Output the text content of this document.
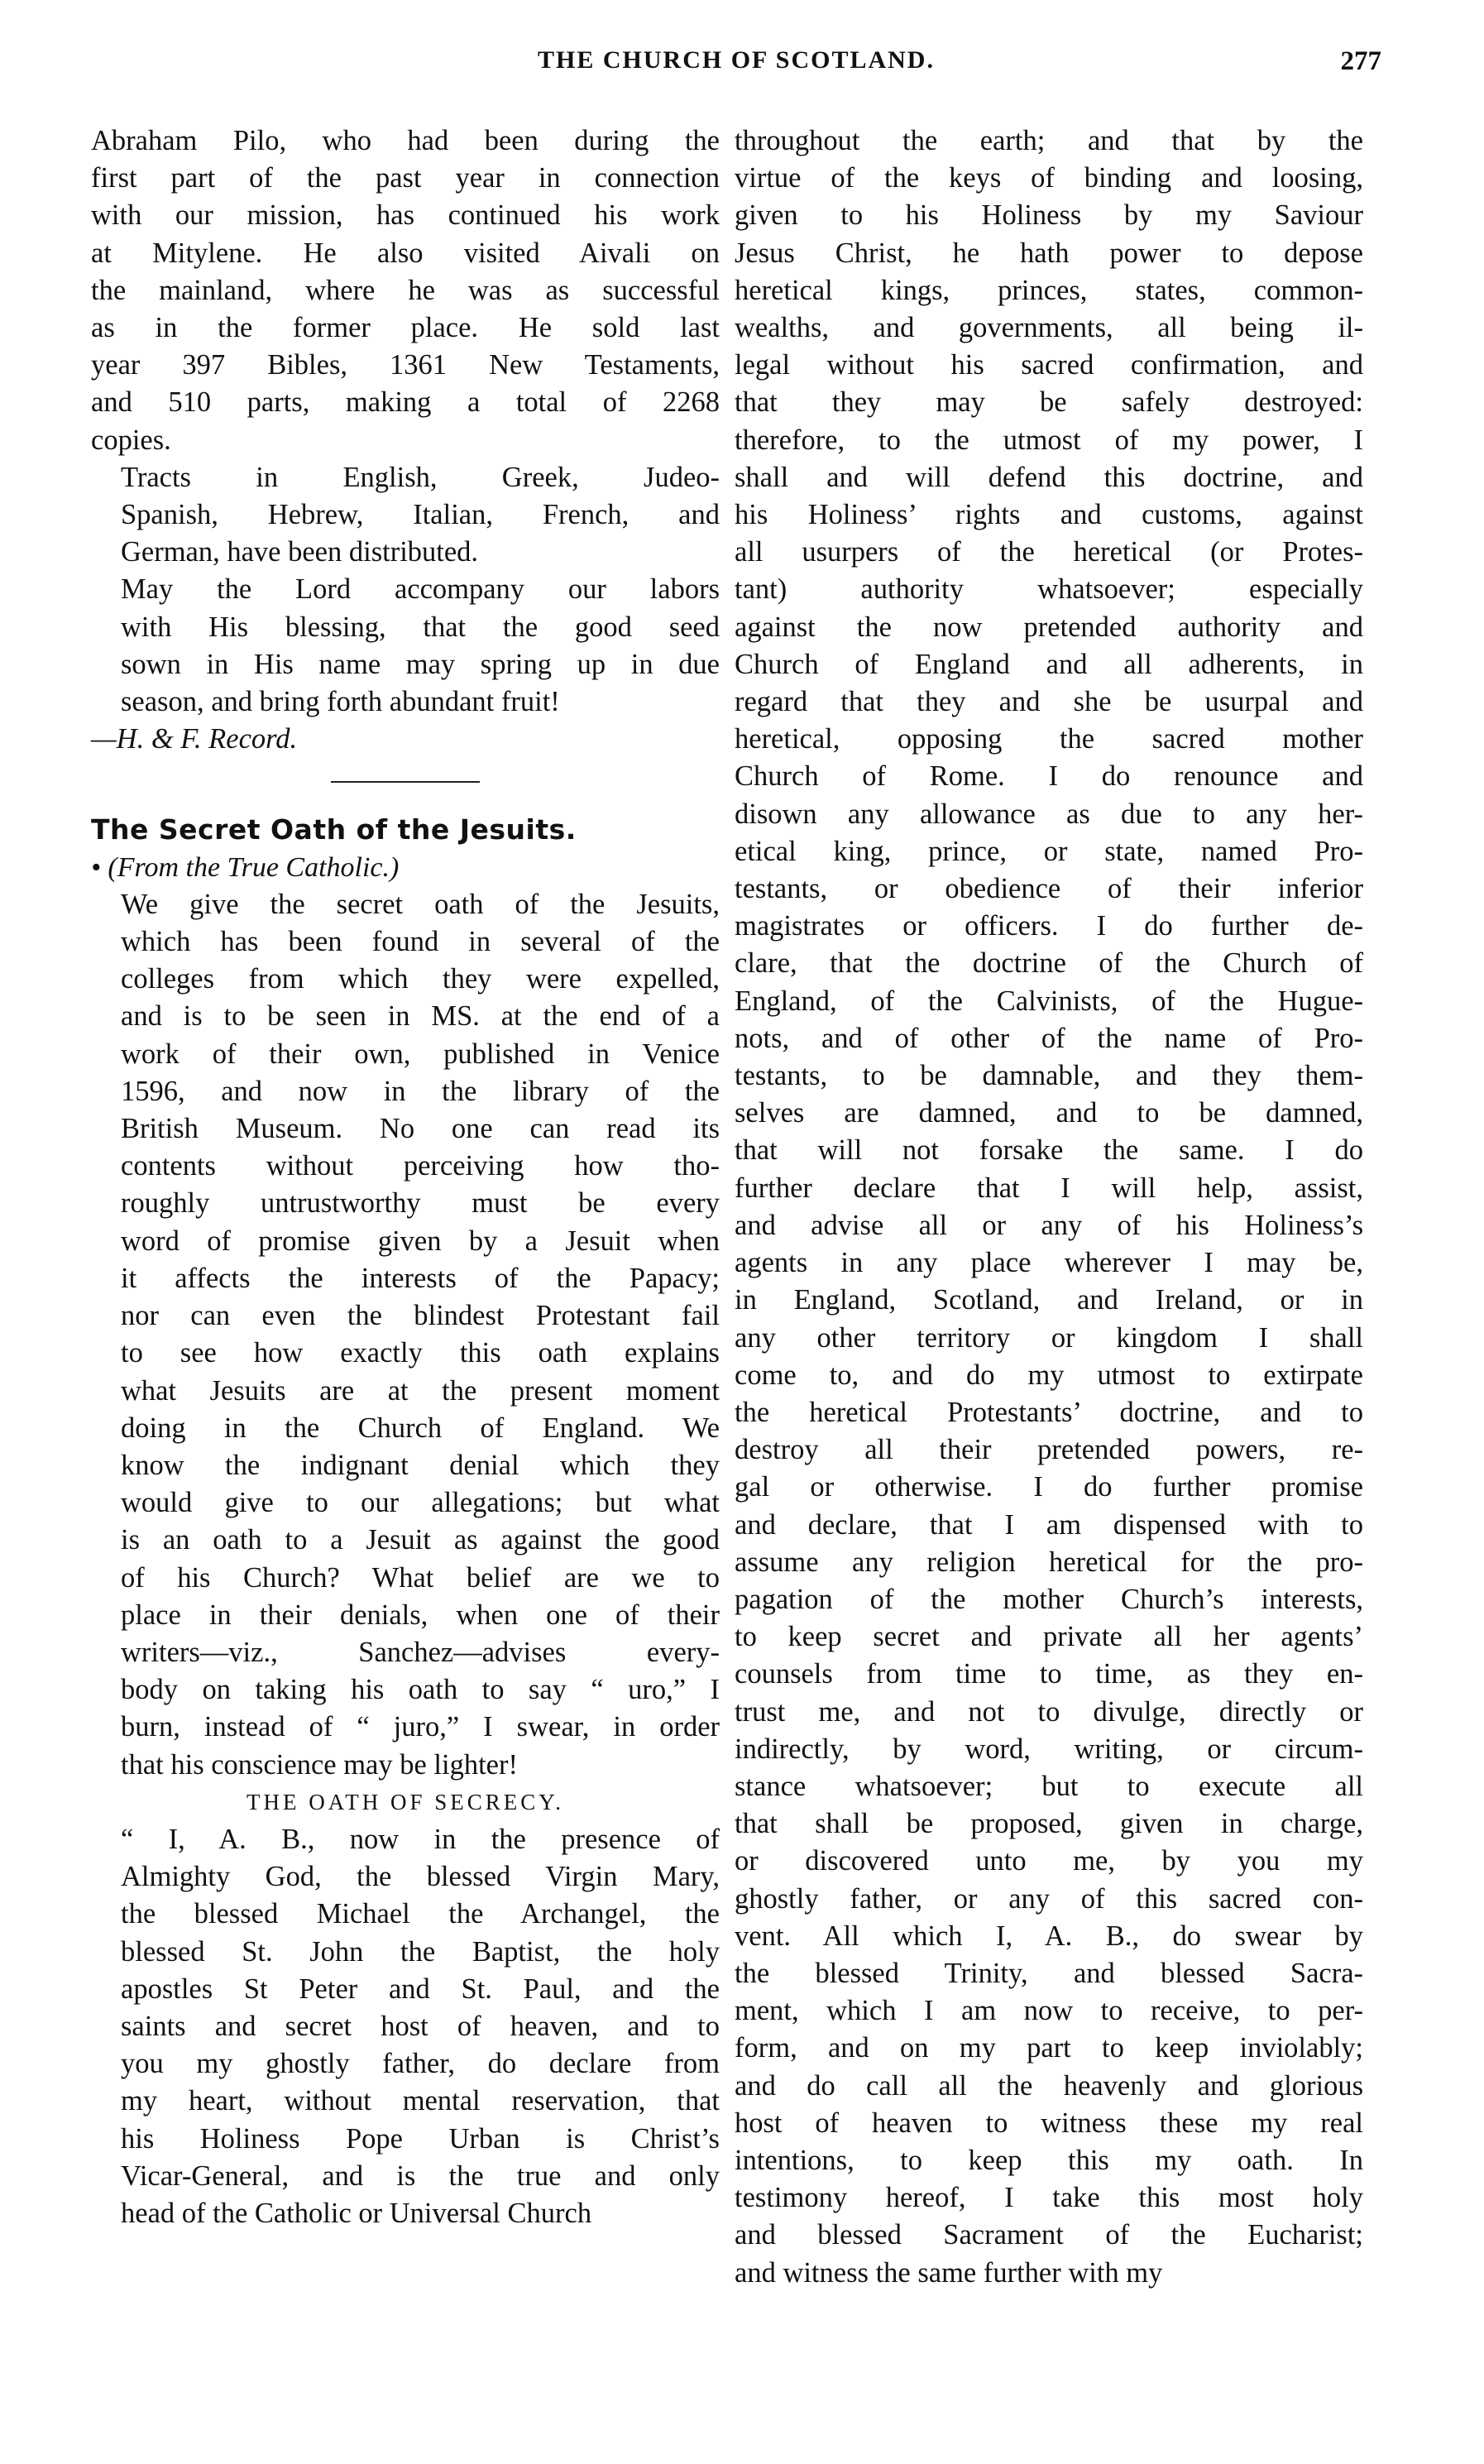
THE CHURCH OF SCOTLAND.	277

Abraham Pilo, who had been during the
first part of the past year in connection
with our mission, has continued his work
at Mitylene. He also visited Aivali on
the mainland, where he was as successful
as in the former place. He sold last
year 397 Bibles, 1361 New Testaments,
and 510 parts, making a total of 2268
copies.

Tracts in English, Greek, Judeo-
Spanish, Hebrew, Italian, French, and
German, have been distributed.

May the Lord accompany our labors
with His blessing, that the good seed
sown in His name may spring up in due
season, and bring forth abundant fruit!

—H. & F. Record.

The Secret Oath of the Jesuits.

• (From the True Catholic.)

We give the secret oath of the Jesuits,
which has been found in several of the
colleges from which they were expelled,
and is to be seen in MS. at the end of a
work of their own, published in Venice
1596, and now in the library of the
British Museum. No one can read its
contents without perceiving how tho-
roughly untrustworthy must be every
word of promise given by a Jesuit when
it affects the interests of the Papacy;
nor can even the blindest Protestant fail
to see how exactly this oath explains
what Jesuits are at the present moment
doing in the Church of England. We
know the indignant denial which they
would give to our allegations; but what
is an oath to a Jesuit as against the good
of his Church? What belief are we to
place in their denials, when one of their
writers—viz., Sanchez—advises every-
body on taking his oath to say “ uro,” I
burn, instead of “ juro,” I swear, in order
that his conscience may be lighter!

THE OATH OF SECRECY.

“ I, A. B., now in the presence of
Almighty God, the blessed Virgin Mary,
the blessed Michael the Archangel, the
blessed St. John the Baptist, the holy
apostles St Peter and St. Paul, and the
saints and secret host of heaven, and to
you my ghostly father, do declare from
my heart, without mental reservation, that
his Holiness Pope Urban is Christ’s
Vicar-General, and is the true and only
head of the Catholic or Universal Church

throughout the earth; and that by the
virtue of the keys of binding and loosing,
given to his Holiness by my Saviour
Jesus Christ, he hath power to depose
heretical kings, princes, states, common-
wealths, and governments, all being il-
legal without his sacred confirmation, and
that they may be safely destroyed:
therefore, to the utmost of my power, I
shall and will defend this doctrine, and
his Holiness’ rights and customs, against
all usurpers of the heretical (or Protes-
tant) authority whatsoever; especially
against the now pretended authority and
Church of England and all adherents, in
regard that they and she be usurpal and
heretical, opposing the sacred mother
Church of Rome. I do renounce and
disown any allowance as due to any her-
etical king, prince, or state, named Pro-
testants, or obedience of their inferior
magistrates or officers. I do further de-
clare, that the doctrine of the Church of
England, of the Calvinists, of the Hugue-
nots, and of other of the name of Pro-
testants, to be damnable, and they them-
selves are damned, and to be damned,
that will not forsake the same. I do
further declare that I will help, assist,
and advise all or any of his Holiness’s
agents in any place wherever I may be,
in England, Scotland, and Ireland, or in
any other territory or kingdom I shall
come to, and do my utmost to extirpate
the heretical Protestants’ doctrine, and to
destroy all their pretended powers, re-
gal or otherwise. I do further promise
and declare, that I am dispensed with to
assume any religion heretical for the pro-
pagation of the mother Church’s interests,
to keep secret and private all her agents’
counsels from time to time, as they en-
trust me, and not to divulge, directly or
indirectly, by word, writing, or circum-
stance whatsoever; but to execute all
that shall be proposed, given in charge,
or discovered unto me, by you my
ghostly father, or any of this sacred con-
vent. All which I, A. B., do swear by
the blessed Trinity, and blessed Sacra-
ment, which I am now to receive, to per-
form, and on my part to keep inviolably;
and do call all the heavenly and glorious
host of heaven to witness these my real
intentions, to keep this my oath. In
testimony hereof, I take this most holy
and blessed Sacrament of the Eucharist;
and witness the same further with my
